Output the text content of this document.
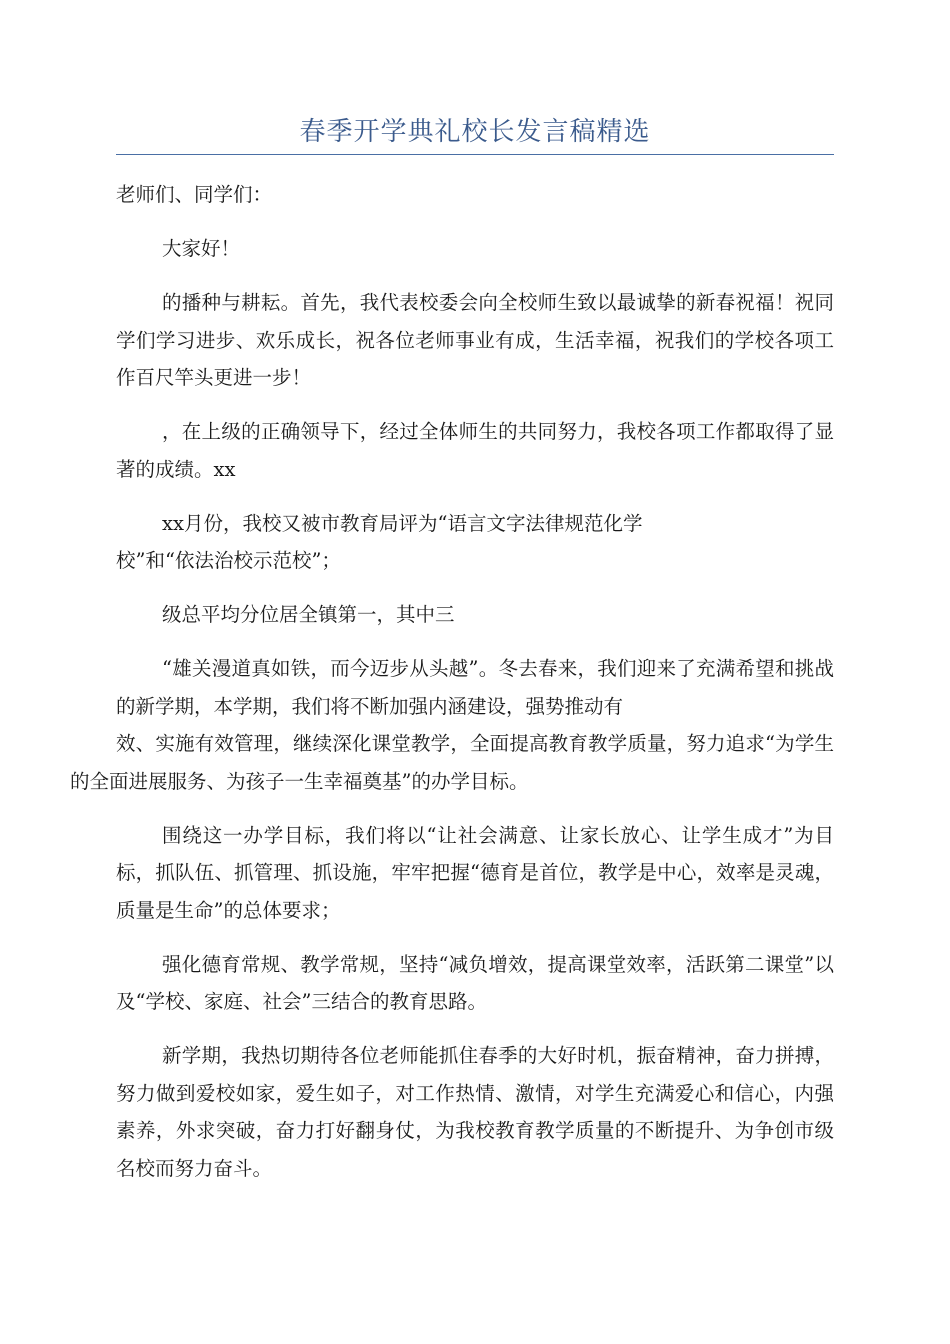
春季开学典礼校长发言稿精选

老师们、同学们：

大家好！

的播种与耕耘。首先，我代表校委会向全校师生致以最诚挚的新春祝福！祝同学们学习进步、欢乐成长，祝各位老师事业有成，生活幸福，祝我们的学校各项工作百尺竿头更进一步！

，在上级的正确领导下，经过全体师生的共同努力，我校各项工作都取得了显著的成绩。xx

xx月份，我校又被市教育局评为“语言文字法律规范化学
校”和“依法治校示范校”；

级总平均分位居全镇第一，其中三

“雄关漫道真如铁，而今迈步从头越”。冬去春来，我们迎来了充满希望和挑战的新学期，本学期，我们将不断加强内涵建设，强势推动有
效、实施有效管理，继续深化课堂教学，全面提高教育教学质量，努力追求“为学生的全面进展服务、为孩子一生幸福奠基”的办学目标。

围绕这一办学目标，我们将以“让社会满意、让家长放心、让学生成才”为目标，抓队伍、抓管理、抓设施，牢牢把握“德育是首位，教学是中心，效率是灵魂，质量是生命”的总体要求；

强化德育常规、教学常规，坚持“减负增效，提高课堂效率，活跃第二课堂”以及“学校、家庭、社会”三结合的教育思路。

新学期，我热切期待各位老师能抓住春季的大好时机，振奋精神，奋力拼搏，努力做到爱校如家，爱生如子，对工作热情、激情，对学生充满爱心和信心，内强素养，外求突破，奋力打好翻身仗，为我校教育教学质量的不断提升、为争创市级名校而努力奋斗。
